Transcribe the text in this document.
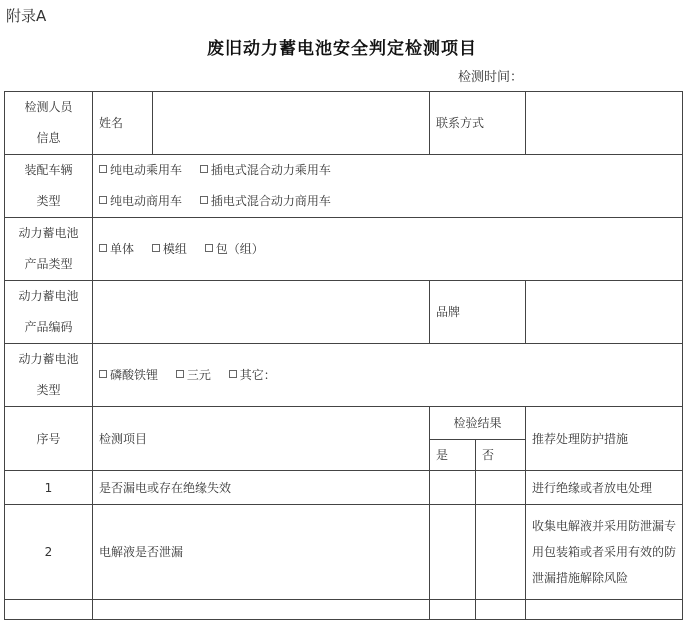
附录A
废旧动力蓄电池安全判定检测项目
检测时间：
检测人员
信息	姓名		联系方式		

装配车辆
类型	纯电动乘用车 插电式混合动力乘用车
纯电动商用车 插电式混合动力商用车				

动力蓄电池
产品类型	单体 模组 包（组）				

动力蓄电池
产品编码			品牌		

动力蓄电池
类型	磷酸铁锂 三元 其它：				
序号	检测项目		检验结果		推荐处理防护措施
			是	否	
1	是否漏电或存在绝缘失效				进行绝缘或者放电处理
2	电解液是否泄漏				收集电解液并采用防泄漏专用包装箱或者采用有效的防泄漏措施解除风险
